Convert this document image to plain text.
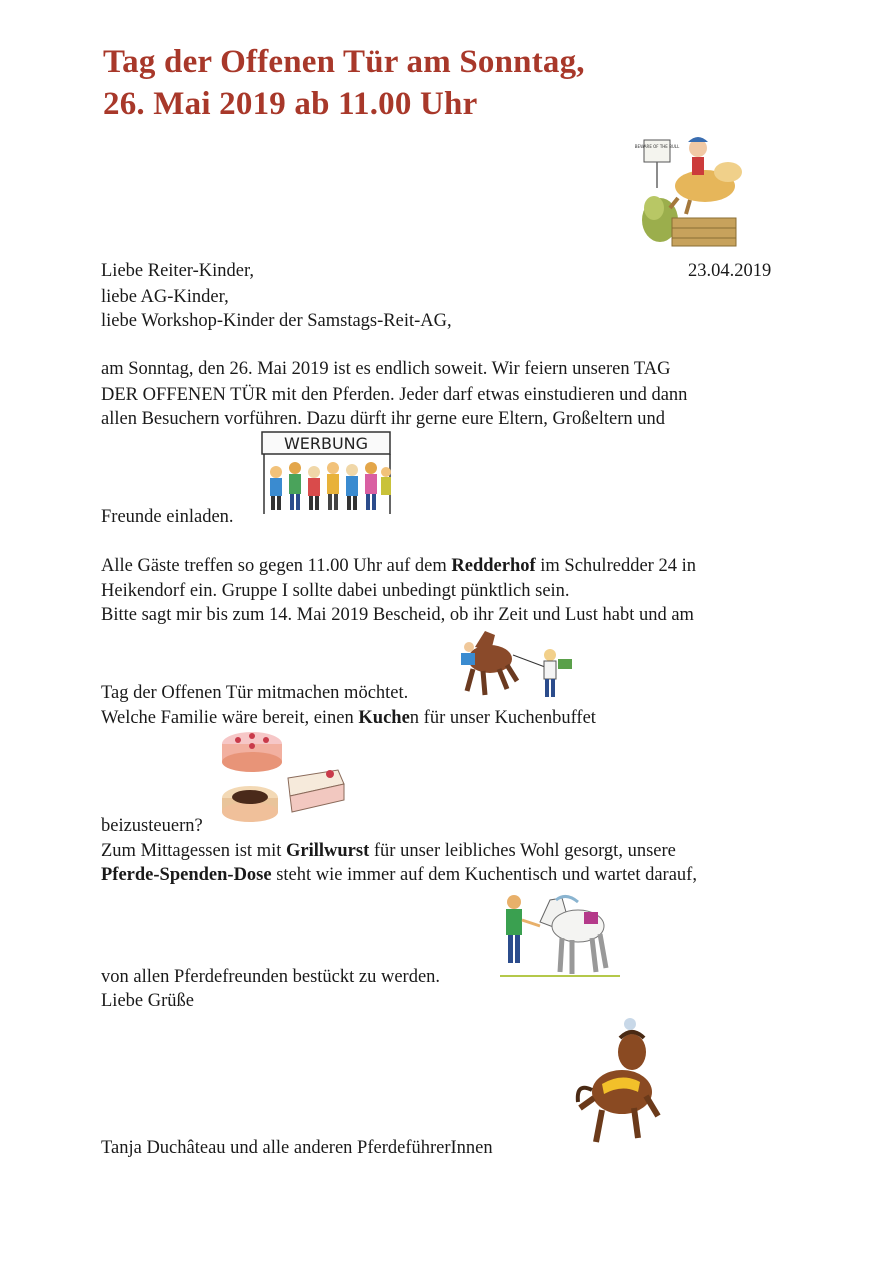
Tag der Offenen Tür am Sonntag,
26. Mai 2019 ab 11.00 Uhr
BEWARE OF THE BULL
23.04.2019
Liebe Reiter-Kinder,
liebe AG-Kinder,
liebe Workshop-Kinder der Samstags-Reit-AG,
am Sonntag, den 26. Mai 2019 ist es endlich soweit. Wir feiern unseren TAG
DER OFFENEN TÜR mit den Pferden. Jeder darf etwas einstudieren und dann
allen Besuchern vorführen. Dazu dürft ihr gerne eure Eltern, Großeltern und
WERBUNG
Freunde einladen.
Alle Gäste treffen so gegen 11.00 Uhr auf dem Redderhof im Schulredder 24 in
Heikendorf ein. Gruppe I sollte dabei unbedingt pünktlich sein.
Bitte sagt mir bis zum 14. Mai 2019 Bescheid, ob ihr Zeit und Lust habt und am
Tag der Offenen Tür mitmachen möchtet.
Welche Familie wäre bereit, einen Kuchen für unser Kuchenbuffet
beizusteuern?
Zum Mittagessen ist mit Grillwurst für unser leibliches Wohl gesorgt, unsere
Pferde-Spenden-Dose steht wie immer auf dem Kuchentisch und wartet darauf,
von allen Pferdefreunden bestückt zu werden.
Liebe Grüße
Tanja Duchâteau und alle anderen PferdeführerInnen
